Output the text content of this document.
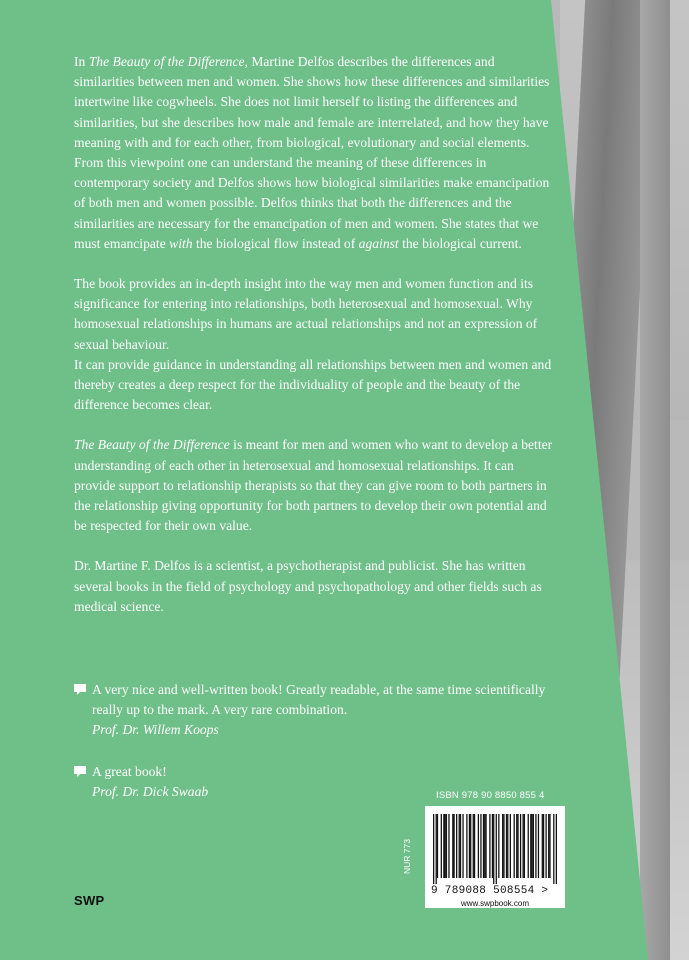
In The Beauty of the Difference, Martine Delfos describes the differences and similarities between men and women. She shows how these differences and similarities intertwine like cogwheels. She does not limit herself to listing the differences and similarities, but she describes how male and female are interrelated, and how they have meaning with and for each other, from biological, evolutionary and social elements. From this viewpoint one can understand the meaning of these differences in contemporary society and Delfos shows how biological similarities make emancipation of both men and women possible. Delfos thinks that both the differences and the similarities are necessary for the emancipation of men and women. She states that we must emancipate with the biological flow instead of against the biological current.

The book provides an in-depth insight into the way men and women function and its significance for entering into relationships, both heterosexual and homosexual. Why homosexual relationships in humans are actual relationships and not an expression of sexual behaviour.

It can provide guidance in understanding all relationships between men and women and thereby creates a deep respect for the individuality of people and the beauty of the difference becomes clear.

The Beauty of the Difference is meant for men and women who want to develop a better understanding of each other in heterosexual and homosexual relationships. It can provide support to relationship therapists so that they can give room to both partners in the relationship giving opportunity for both partners to develop their own potential and be respected for their own value.

Dr. Martine F. Delfos is a scientist, a psychotherapist and publicist. She has written several books in the field of psychology and psychopathology and other fields such as medical science.

A very nice and well-written book! Greatly readable, at the same time scientifically really up to the mark. A very rare combination.
Prof. Dr. Willem Koops
A great book!
Prof. Dr. Dick Swaab	ISBN 978 90 8850 855 4
NUR 773
9 789088 508554 >
www.swpbook.com
SWP
